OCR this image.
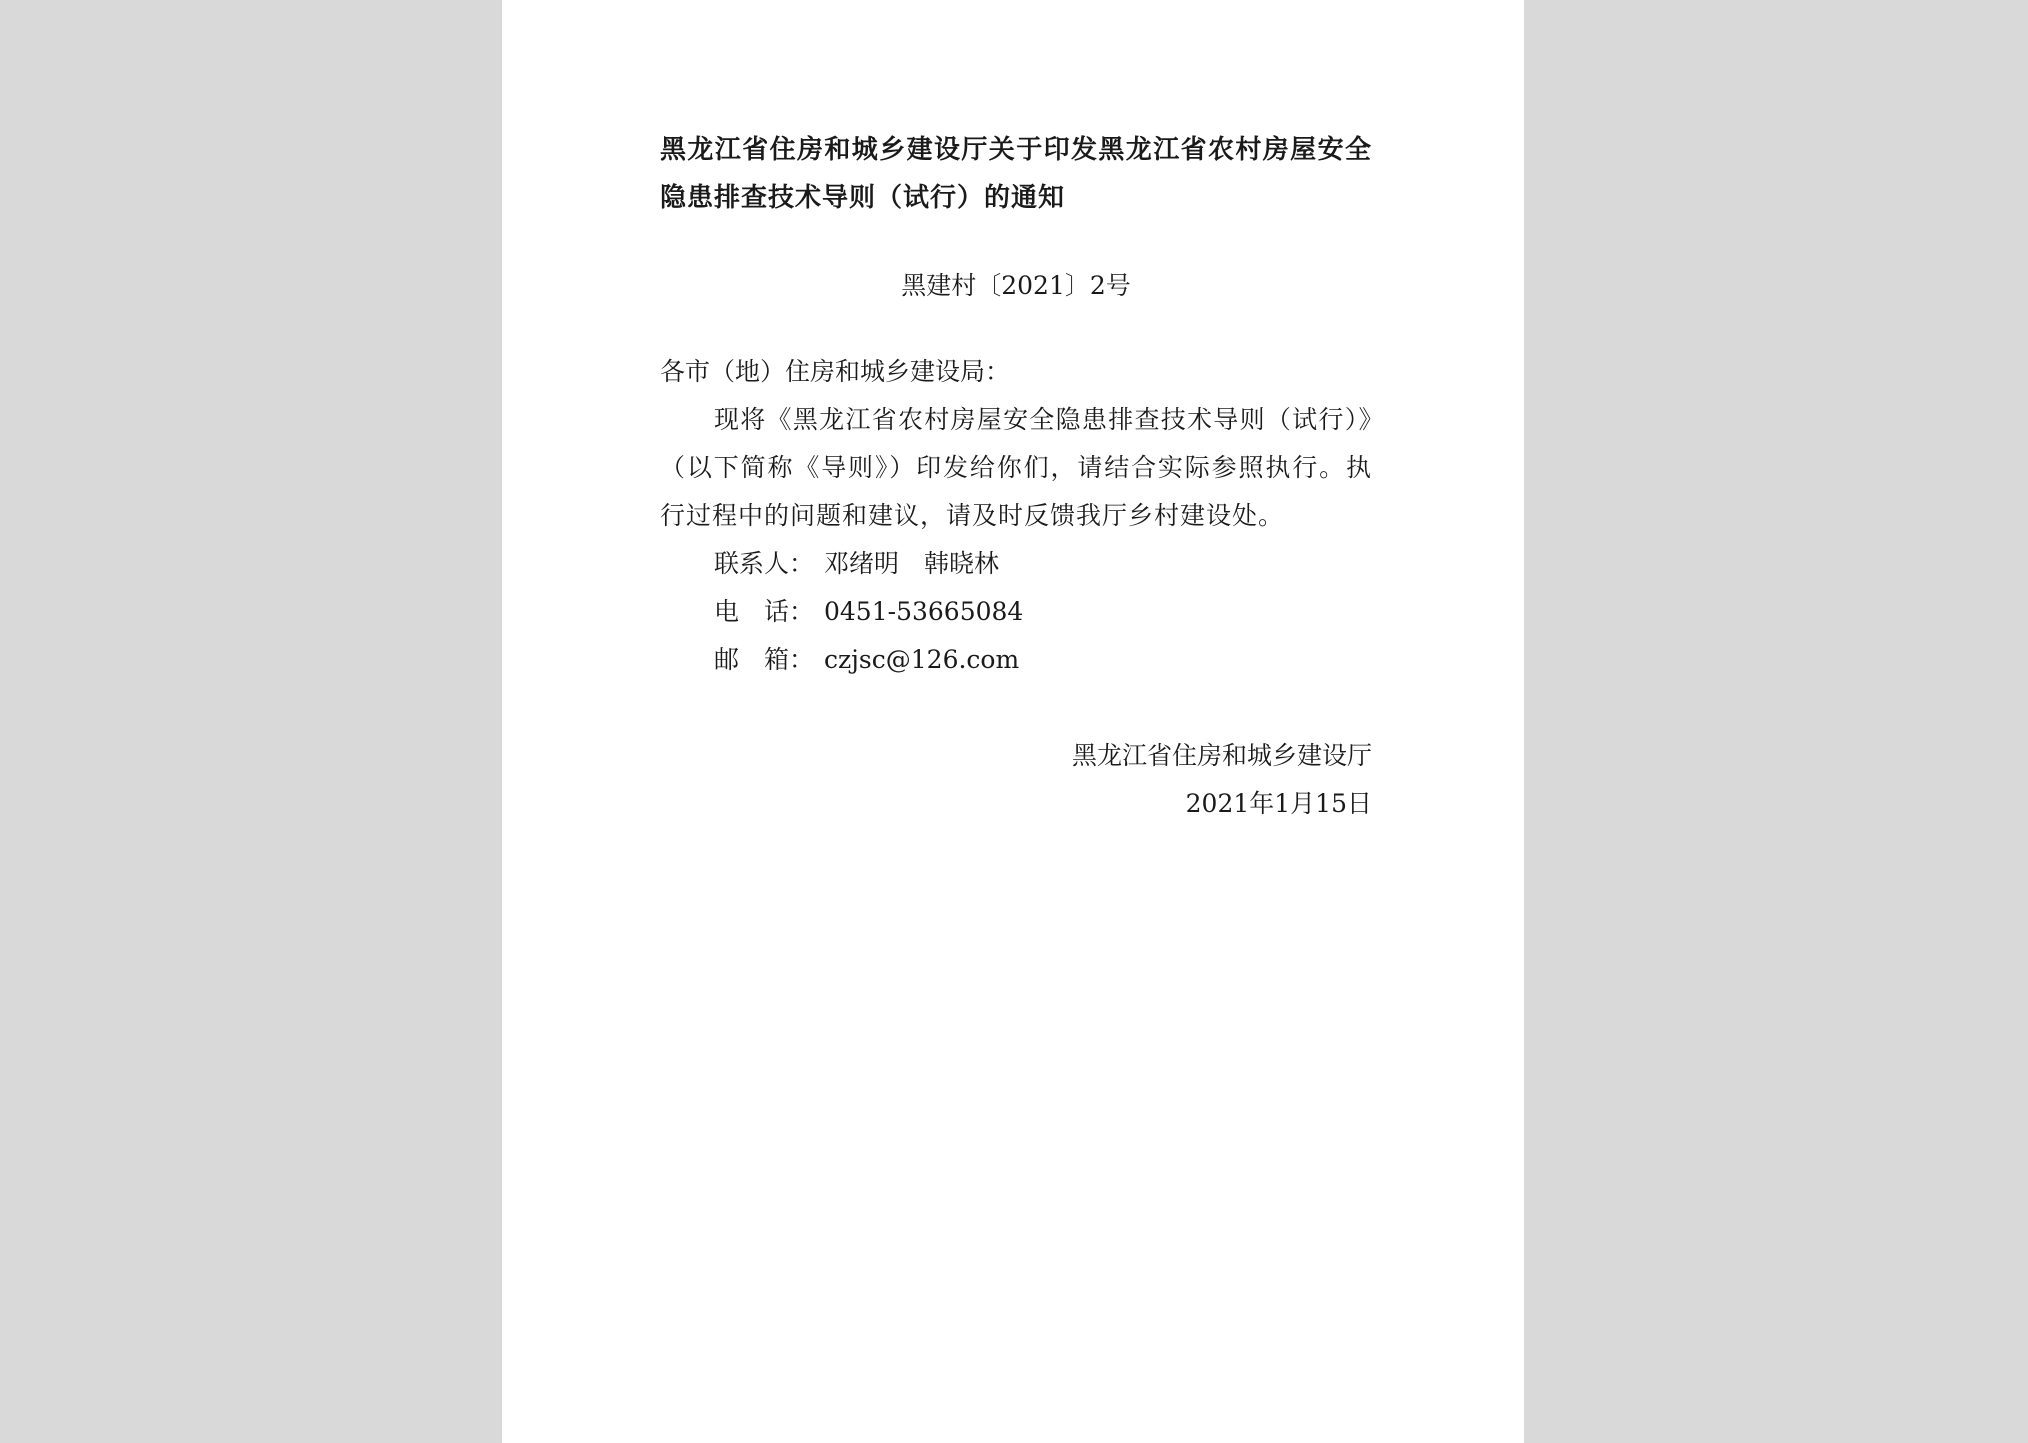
黑龙江省住房和城乡建设厅关于印发黑龙江省农村房屋安全隐患排查技术导则（试行）的通知
黑建村〔2021〕2号
各市（地）住房和城乡建设局：
现将《黑龙江省农村房屋安全隐患排查技术导则（试行）》（以下简称《导则》）印发给你们，请结合实际参照执行。执行过程中的问题和建议，请及时反馈我厅乡村建设处。
联系人： 邓绪明　韩晓林
电　话： 0451-53665084
邮　箱： czjsc@126.com
黑龙江省住房和城乡建设厅
2021年1月15日
